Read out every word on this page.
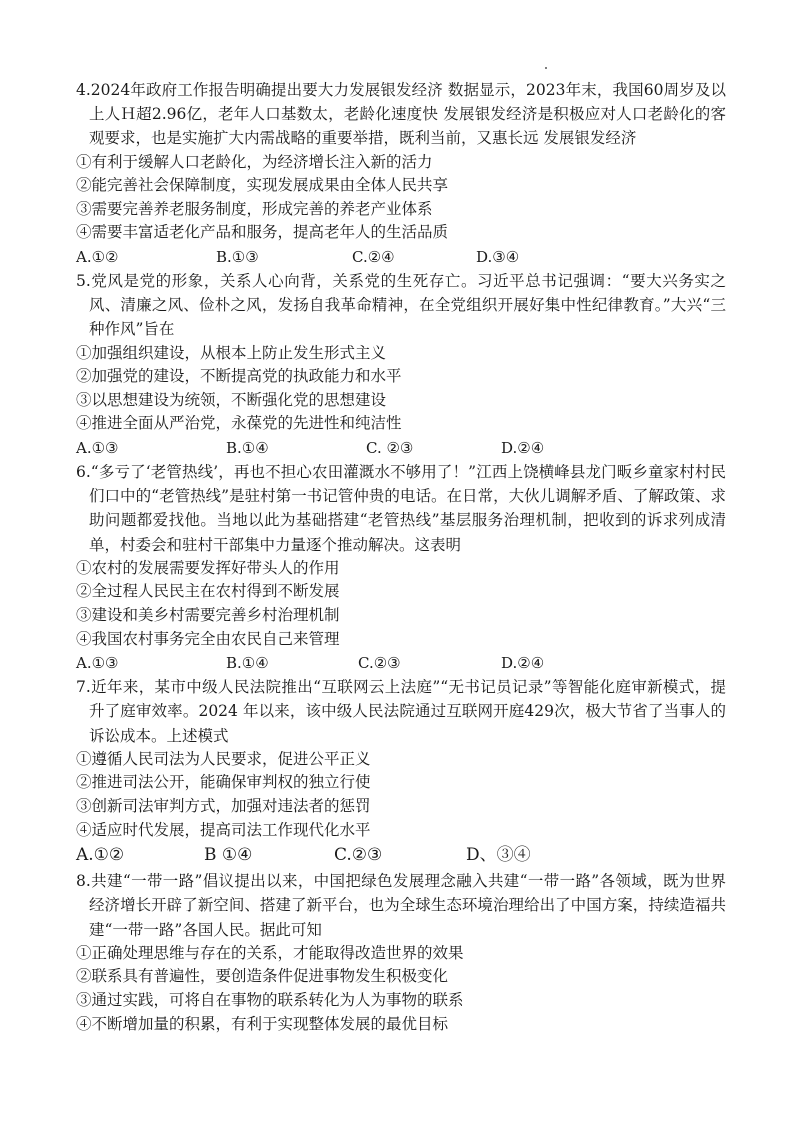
4.2024年政府工作报告明确提出要大力发展银发经济 数据显示，2023年末，我国60周岁及以上人Ｈ超2.96亿，老年人口基数太，老龄化速度快 发展银发经济是积极应对人口老龄化的客观要求，也是实施扩大内需战略的重要举措，既利当前，又惠长远 发展银发经济

①有利于缓解人口老龄化，为经济增长注入新的活力

②能完善社会保障制度，实现发展成果由全体人民共享

③需要完善养老服务制度，形成完善的养老产业体系

④需要丰富适老化产品和服务，提高老年人的生活品质

A.①②	B.①③	C.②④	D.③④

5.党风是党的形象，关系人心向背，关系党的生死存亡。习近平总书记强调：“要大兴务实之风、清廉之风、俭朴之风，发扬自我革命精神，在全党组织开展好集中性纪律教育。”大兴“三种作风”旨在

①加强组织建设，从根本上防止发生形式主义

②加强党的建设，不断提高党的执政能力和水平

③以思想建设为统领，不断强化党的思想建设

④推进全面从严治党，永葆党的先进性和纯洁性

A.①③	B.①④	C. ②③	D.②④

6.“多亏了‘老管热线’，再也不担心农田灌溉水不够用了！”江西上饶横峰县龙门畈乡童家村村民们口中的“老管热线”是驻村第一书记管仲贵的电话。在日常，大伙儿调解矛盾、了解政策、求助问题都爱找他。当地以此为基础搭建“老管热线”基层服务治理机制，把收到的诉求列成清单，村委会和驻村干部集中力量逐个推动解决。这表明

①农村的发展需要发挥好带头人的作用

②全过程人民民主在农村得到不断发展

③建设和美乡村需要完善乡村治理机制

④我国农村事务完全由农民自己来管理

A.①③	B.①④	C.②③	D.②④

7.近年来，某市中级人民法院推出“互联网云上法庭”“无书记员记录”等智能化庭审新模式，提升了庭审效率。2024 年以来，该中级人民法院通过互联网开庭429次，极大节省了当事人的诉讼成本。上述模式

①遵循人民司法为人民要求，促进公平正义

②推进司法公开，能确保审判权的独立行使

③创新司法审判方式，加强对违法者的惩罚

④适应时代发展，提高司法工作现代化水平

A.①②	B ①④	C.②③	D、③④

8.共建“一带一路”倡议提出以来，中国把绿色发展理念融入共建“一带一路”各领域，既为世界经济增长开辟了新空间、搭建了新平台，也为全球生态环境治理给出了中国方案，持续造福共建“一带一路”各国人民。据此可知

①正确处理思维与存在的关系，才能取得改造世界的效果

②联系具有普遍性，要创造条件促进事物发生积极变化

③通过实践，可将自在事物的联系转化为人为事物的联系

④不断增加量的积累，有利于实现整体发展的最优目标
